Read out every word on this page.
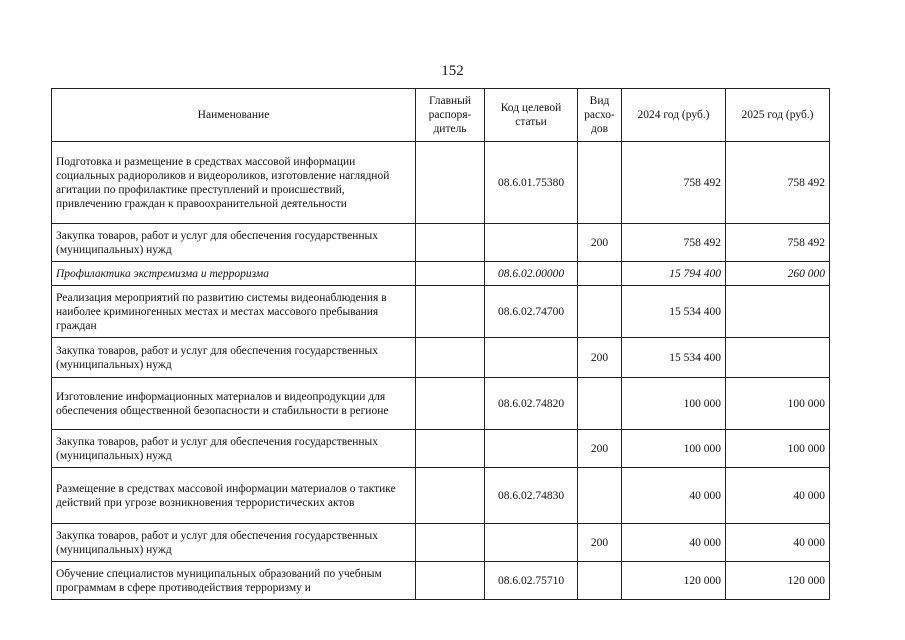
152
Наименование	Главный распоря-дитель	Код целевой статьи	Вид расхо-дов	2024 год (руб.)	2025 год (руб.)
Подготовка и размещение в средствах массовой информации социальных радиороликов и видеороликов, изготовление наглядной агитации по профилактике преступлений и происшествий, привлечению граждан к правоохранительной деятельности		08.6.01.75380		758 492	758 492
Закупка товаров, работ и услуг для обеспечения государственных (муниципальных) нужд			200	758 492	758 492
Профилактика экстремизма и терроризма		08.6.02.00000		15 794 400	260 000
Реализация мероприятий по развитию системы видеонаблюдения в наиболее криминогенных местах и местах массового пребывания граждан		08.6.02.74700		15 534 400	
Закупка товаров, работ и услуг для обеспечения государственных (муниципальных) нужд			200	15 534 400	
Изготовление информационных материалов и видеопродукции для обеспечения общественной безопасности и стабильности в регионе		08.6.02.74820		100 000	100 000
Закупка товаров, работ и услуг для обеспечения государственных (муниципальных) нужд			200	100 000	100 000
Размещение в средствах массовой информации материалов о тактике действий при угрозе возникновения террористических актов		08.6.02.74830		40 000	40 000
Закупка товаров, работ и услуг для обеспечения государственных (муниципальных) нужд			200	40 000	40 000
Обучение специалистов муниципальных образований по учебным программам в сфере противодействия терроризму и		08.6.02.75710		120 000	120 000
